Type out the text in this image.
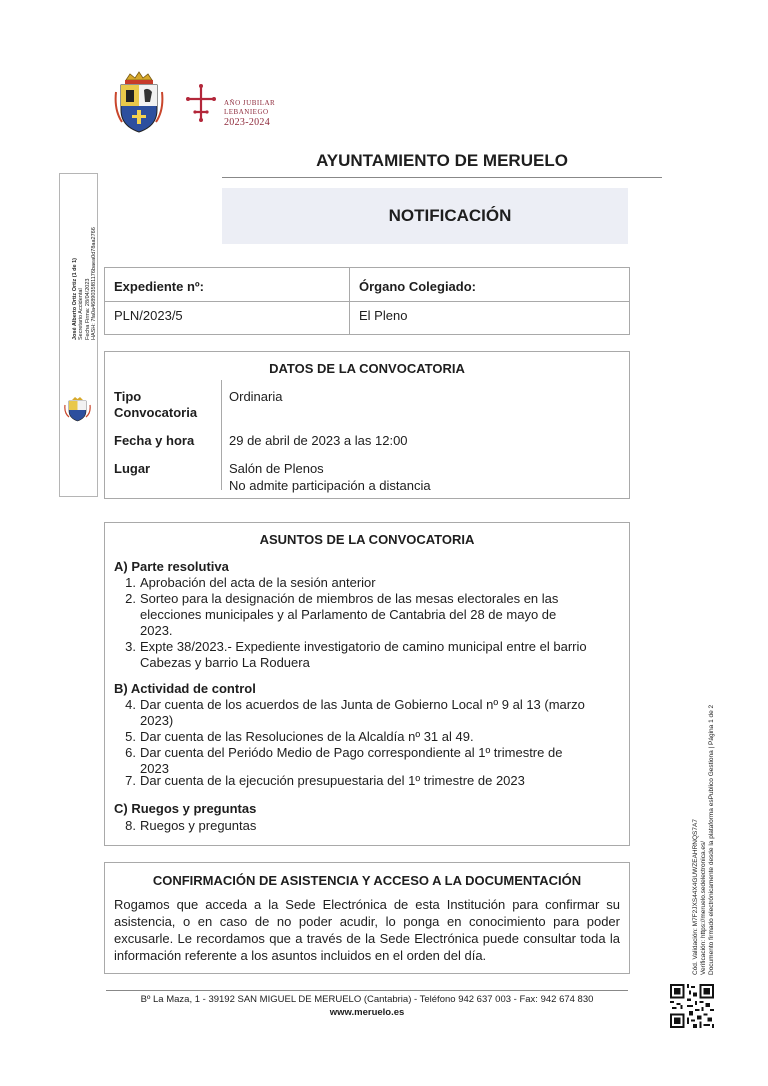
AÑO JUBILAR
LEBANIEGO
2023-2024
AYUNTAMIENTO DE MERUELO
NOTIFICACIÓN
Expediente nº:
PLN/2023/5
Órgano Colegiado:
El Pleno
DATOS DE LA CONVOCATORIA
Tipo
Convocatoria
Ordinaria
Fecha y hora	29 de abril de 2023 a las 12:00
Lugar	Salón de Plenos
No admite participación a distancia
ASUNTOS DE LA CONVOCATORIA
A) Parte resolutiva
1. Aprobación del acta de la sesión anterior
2. Sorteo para la designación de miembros de las mesas electorales en las
elecciones municipales y al Parlamento de Cantabria del 28 de mayo de
2023.
3. Expte 38/2023.- Expediente investigatorio de camino municipal entre el barrio
Cabezas y barrio La Roduera
B) Actividad de control
4. Dar cuenta de los acuerdos de las Junta de Gobierno Local nº 9 al 13 (marzo
2023)
5. Dar cuenta de las Resoluciones de la Alcaldía nº 31 al 49.
6. Dar cuenta del Periódo Medio de Pago correspondiente al 1º trimestre de
2023
7. Dar cuenta de la ejecución presupuestaria del 1º trimestre de 2023
C) Ruegos y preguntas
8. Ruegos y preguntas
CONFIRMACIÓN DE ASISTENCIA Y ACCESO A LA DOCUMENTACIÓN
Rogamos que acceda a la Sede Electrónica de esta Institución para confirmar su asistencia, o en caso de no poder acudir, lo ponga en conocimiento para poder excusarle. Le recordamos que a través de la Sede Electrónica puede consultar toda la información referente a los asuntos incluidos en el orden del día.
Bº La Maza, 1 - 39192 SAN MIGUEL DE MERUELO (Cantabria) - Teléfono 942 637 003 - Fax: 942 674 830
www.meruelo.es
José Alberto Ortiz Ortiz (1 de 1) Secretario Accidental Fecha Firma: 28/04/2023 HASH: 7fa0a4689035f81176baea0d78aa2766
Cód. Validación: M7F2JXS44X4GUWZEAHRNQS7A7 Verificación: https://meruelo.sedelectronica.es/ Documento firmado electrónicamente desde la plataforma esPublico Gestiona | Página 1 de 2
